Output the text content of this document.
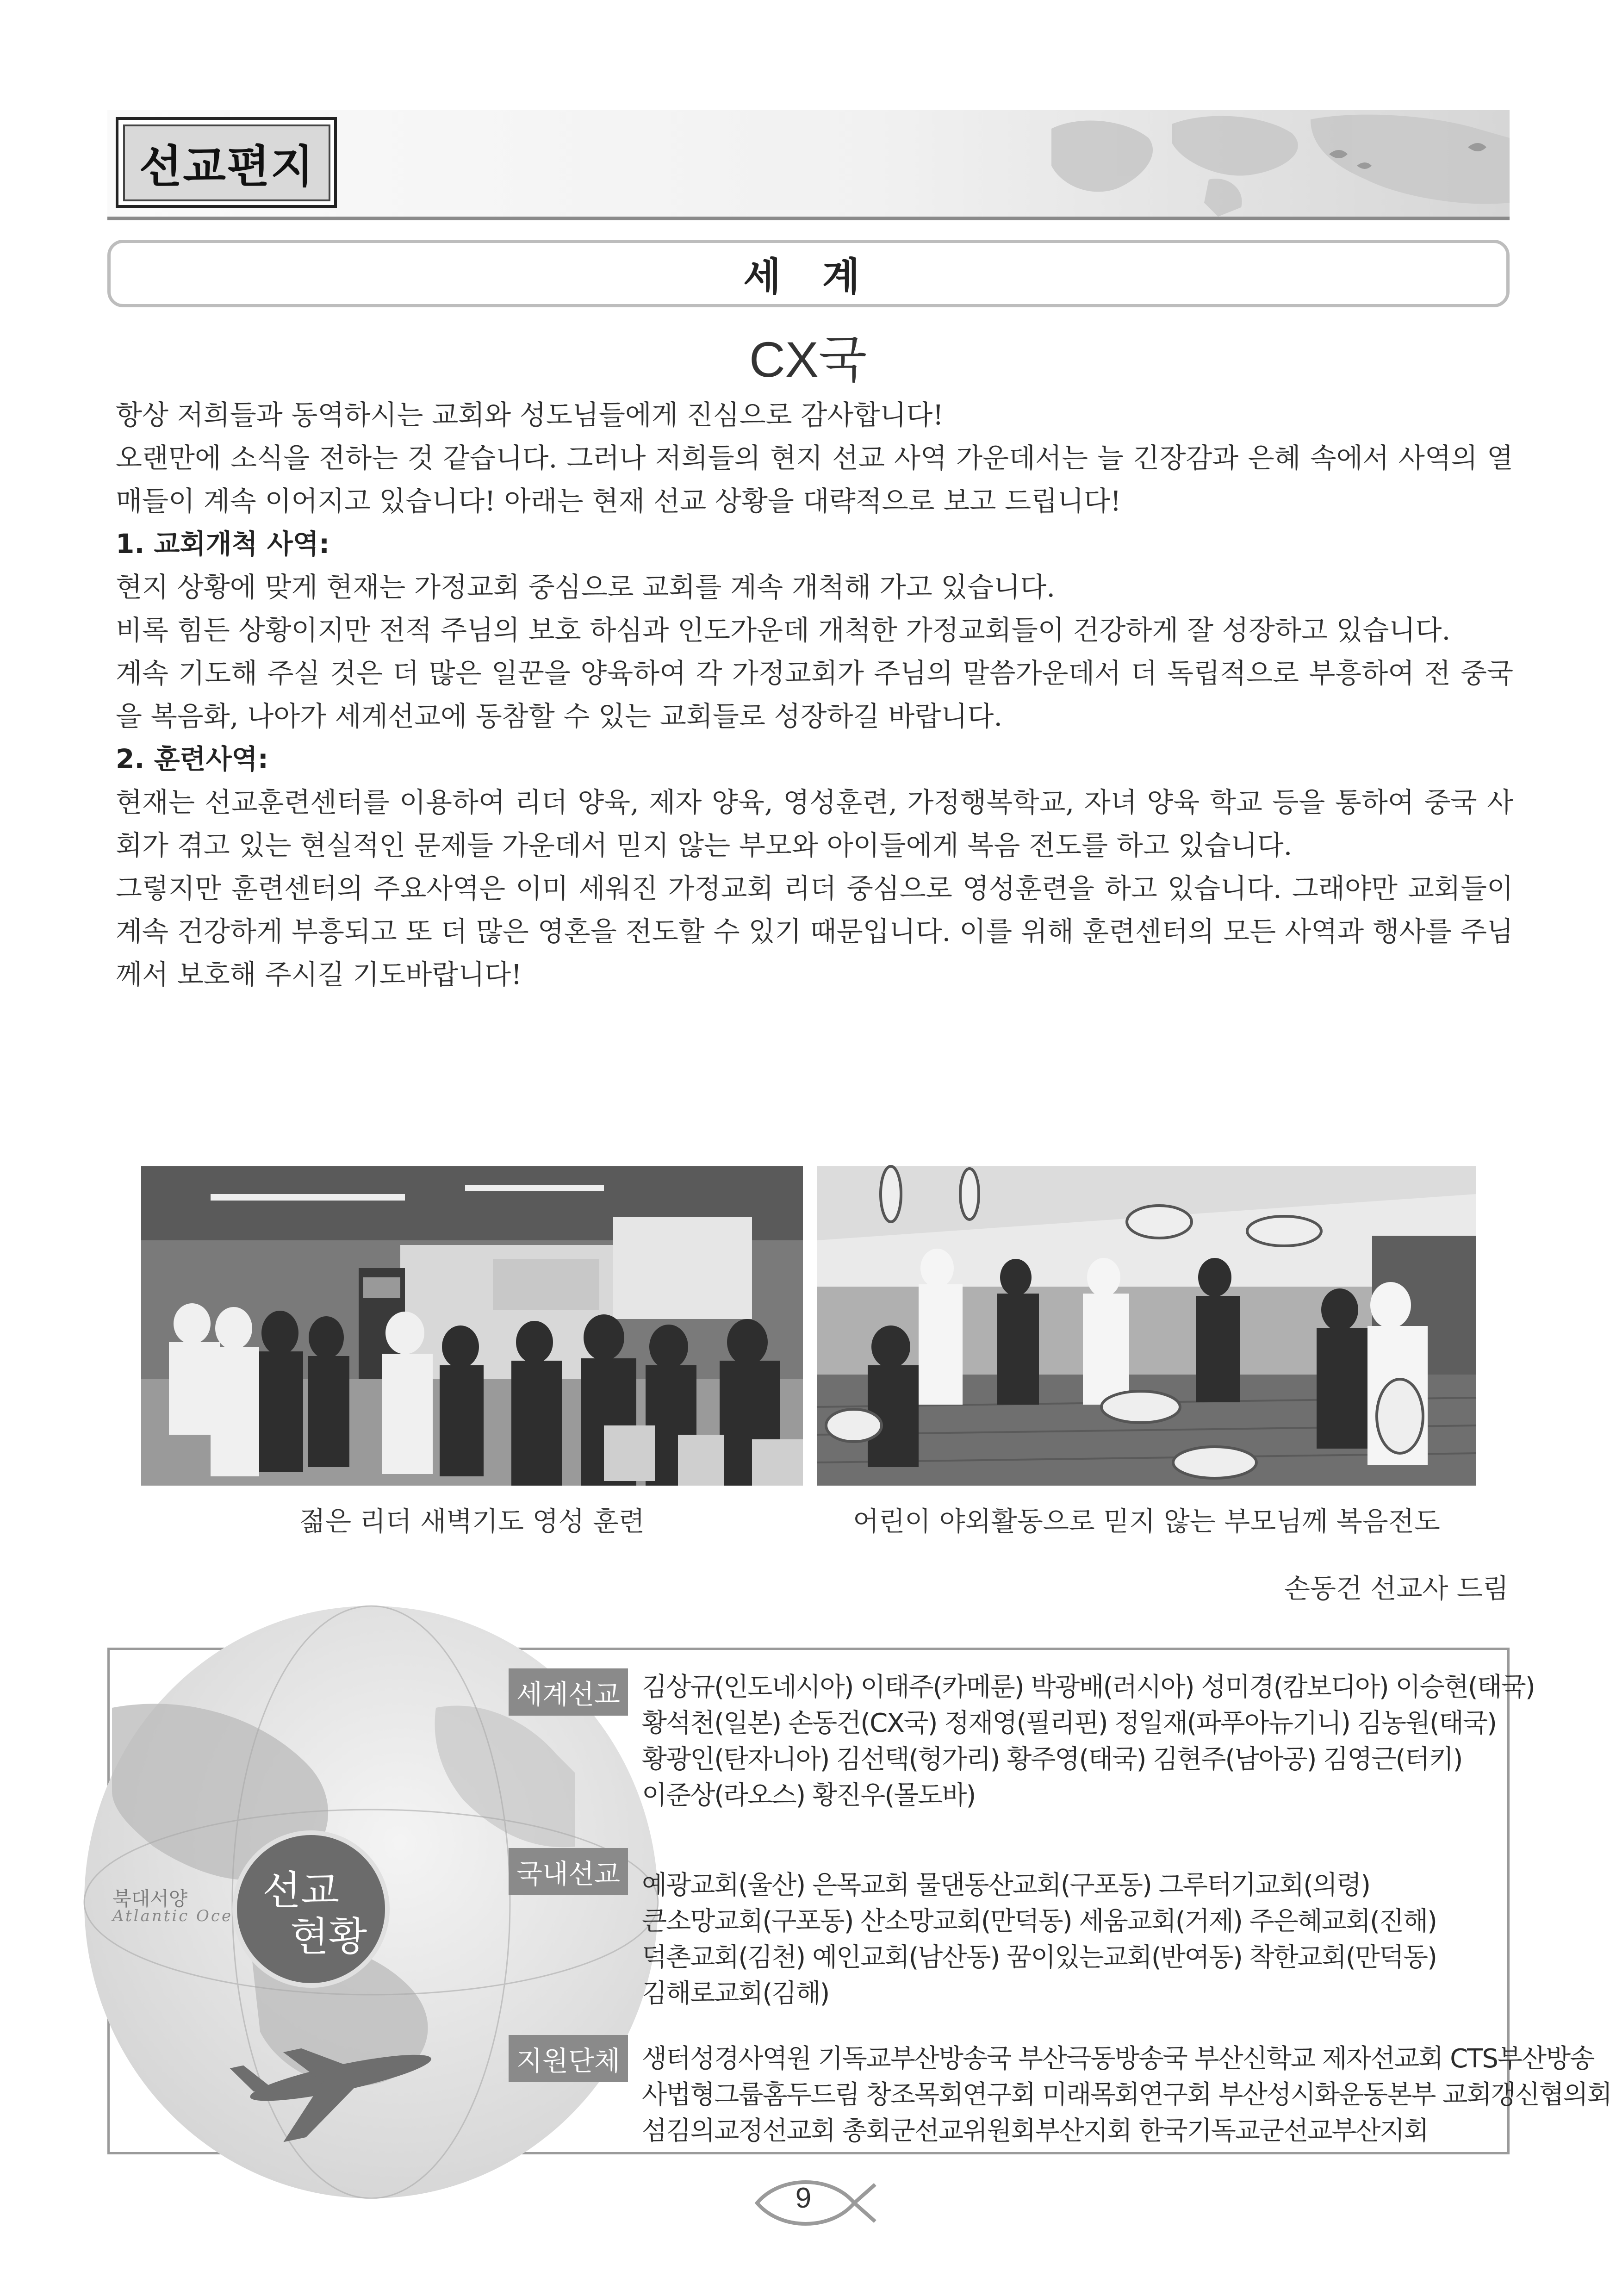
선교편지
세 계
CX국

항상 저희들과 동역하시는 교회와 성도님들에게 진심으로 감사합니다!

오랜만에 소식을 전하는 것 같습니다. 그러나 저희들의 현지 선교 사역 가운데서는 늘 긴장감과 은혜 속에서 사역의 열매들이 계속 이어지고 있습니다! 아래는 현재 선교 상황을 대략적으로 보고 드립니다!

1. 교회개척 사역:

현지 상황에 맞게 현재는 가정교회 중심으로 교회를 계속 개척해 가고 있습니다.

비록 힘든 상황이지만 전적 주님의 보호 하심과 인도가운데 개척한 가정교회들이 건강하게 잘 성장하고 있습니다.

계속 기도해 주실 것은 더 많은 일꾼을 양육하여 각 가정교회가 주님의 말씀가운데서 더 독립적으로 부흥하여 전 중국을 복음화, 나아가 세계선교에 동참할 수 있는 교회들로 성장하길 바랍니다.

2. 훈련사역:

현재는 선교훈련센터를 이용하여 리더 양육, 제자 양육, 영성훈련, 가정행복학교, 자녀 양육 학교 등을 통하여 중국 사회가 겪고 있는 현실적인 문제들 가운데서 믿지 않는 부모와 아이들에게 복음 전도를 하고 있습니다.

그렇지만 훈련센터의 주요사역은 이미 세워진 가정교회 리더 중심으로 영성훈련을 하고 있습니다. 그래야만 교회들이 계속 건강하게 부흥되고 또 더 많은 영혼을 전도할 수 있기 때문입니다. 이를 위해 훈련센터의 모든 사역과 행사를 주님께서 보호해 주시길 기도바랍니다!

젊은 리더 새벽기도 영성 훈련	어린이 야외활동으로 믿지 않는 부모님께 복음전도
손동건 선교사 드림
선교
현황
북대서양
Atlantic Oce
세계선교 김상규(인도네시아) 이태주(카메룬) 박광배(러시아) 성미경(캄보디아) 이승현(태국)
황석천(일본) 손동건(CX국) 정재영(필리핀) 정일재(파푸아뉴기니) 김농원(태국)
황광인(탄자니아) 김선택(헝가리) 황주영(태국) 김현주(남아공) 김영근(터키)
이준상(라오스) 황진우(몰도바)
국내선교 예광교회(울산) 은목교회 물댄동산교회(구포동) 그루터기교회(의령)
큰소망교회(구포동) 산소망교회(만덕동) 세움교회(거제) 주은혜교회(진해)
덕촌교회(김천) 예인교회(남산동) 꿈이있는교회(반여동) 착한교회(만덕동)
김해로교회(김해)
지원단체 생터성경사역원 기독교부산방송국 부산극동방송국 부산신학교 제자선교회 CTS부산방송
사법형그룹홈두드림 창조목회연구회 미래목회연구회 부산성시화운동본부 교회갱신협의회
섬김의교정선교회 총회군선교위원회부산지회 한국기독교군선교부산지회
9
